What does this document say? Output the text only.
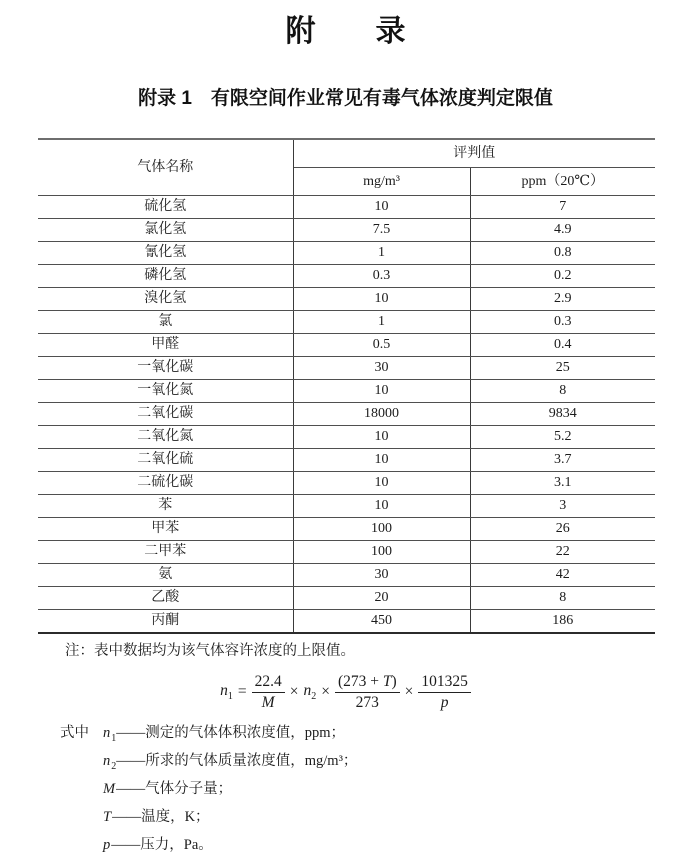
附　　录
附录 1　有限空间作业常见有毒气体浓度判定限值
气体名称	评判值	
	mg/m³	ppm（20℃）
硫化氢	10	7
氯化氢	7.5	4.9
氰化氢	1	0.8
磷化氢	0.3	0.2
溴化氢	10	2.9
氯	1	0.3
甲醛	0.5	0.4
一氧化碳	30	25
一氧化氮	10	8
二氧化碳	18000	9834
二氧化氮	10	5.2
二氧化硫	10	3.7
二硫化碳	10	3.1
苯	10	3
甲苯	100	26
二甲苯	100	22
氨	30	42
乙酸	20	8
丙酮	450	186
注：表中数据均为该气体容许浓度的上限值。
$n_1 = \frac{22.4}{M} \times n_2 \times \frac{(273 + T)}{273} \times \frac{101325}{p}$
式中 $n_1——$测定的气体体积浓度值，ppm；
$n_2——$所求的气体质量浓度值，mg/m³；
M——气体分子量；
T——温度，K；
p——压力，Pa。
